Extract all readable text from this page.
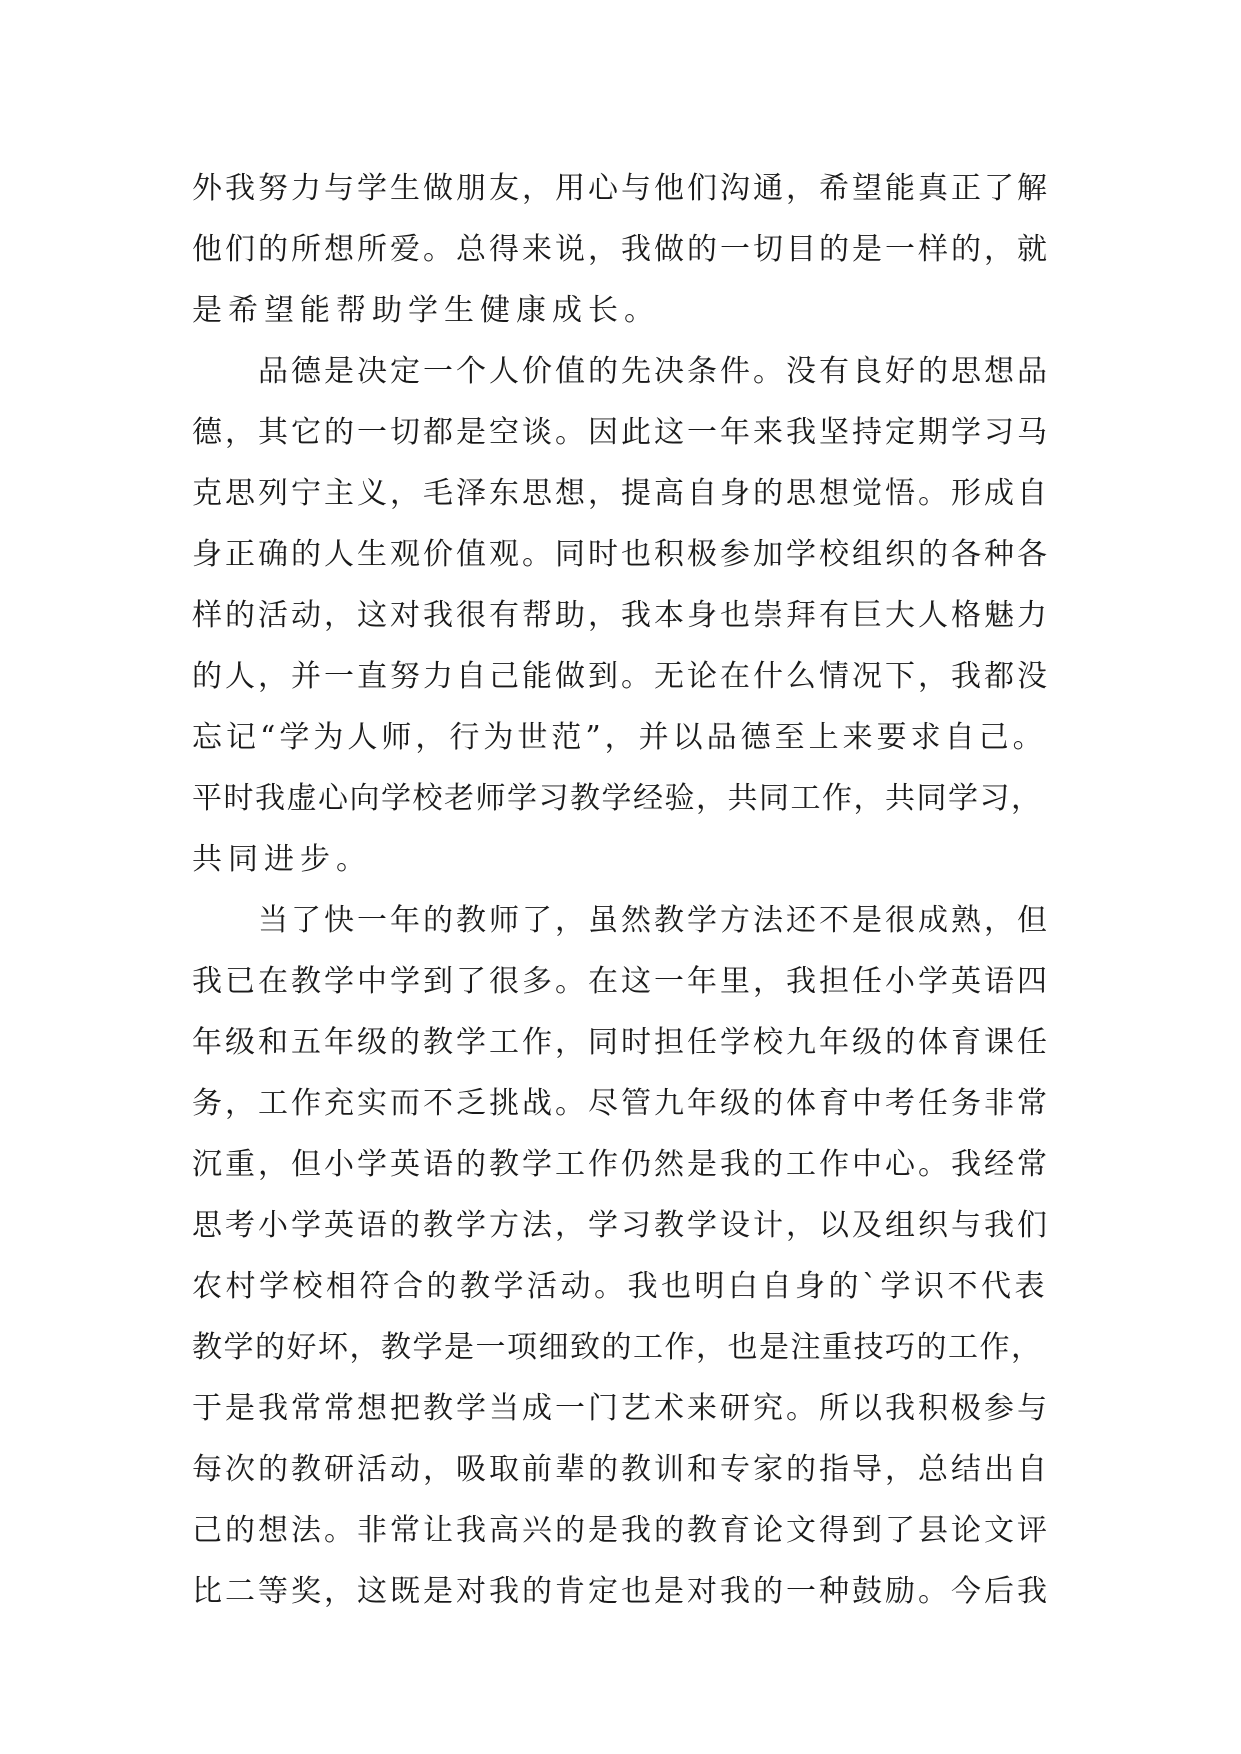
外我努力与学生做朋友，用心与他们沟通，希望能真正了解
他们的所想所爱。总得来说，我做的一切目的是一样的，就
是希望能帮助学生健康成长。
品德是决定一个人价值的先决条件。没有良好的思想品
德，其它的一切都是空谈。因此这一年来我坚持定期学习马
克思列宁主义，毛泽东思想，提高自身的思想觉悟。形成自
身正确的人生观价值观。同时也积极参加学校组织的各种各
样的活动，这对我很有帮助，我本身也崇拜有巨大人格魅力
的人，并一直努力自己能做到。无论在什么情况下，我都没
忘记“学为人师，行为世范”，并以品德至上来要求自己。
平时我虚心向学校老师学习教学经验，共同工作，共同学习，
共同进步。
当了快一年的教师了，虽然教学方法还不是很成熟，但
我已在教学中学到了很多。在这一年里，我担任小学英语四
年级和五年级的教学工作，同时担任学校九年级的体育课任
务，工作充实而不乏挑战。尽管九年级的体育中考任务非常
沉重，但小学英语的教学工作仍然是我的工作中心。我经常
思考小学英语的教学方法，学习教学设计，以及组织与我们
农村学校相符合的教学活动。我也明白自身的`学识不代表
教学的好坏，教学是一项细致的工作，也是注重技巧的工作，
于是我常常想把教学当成一门艺术来研究。所以我积极参与
每次的教研活动，吸取前辈的教训和专家的指导，总结出自
己的想法。非常让我高兴的是我的教育论文得到了县论文评
比二等奖，这既是对我的肯定也是对我的一种鼓励。今后我
